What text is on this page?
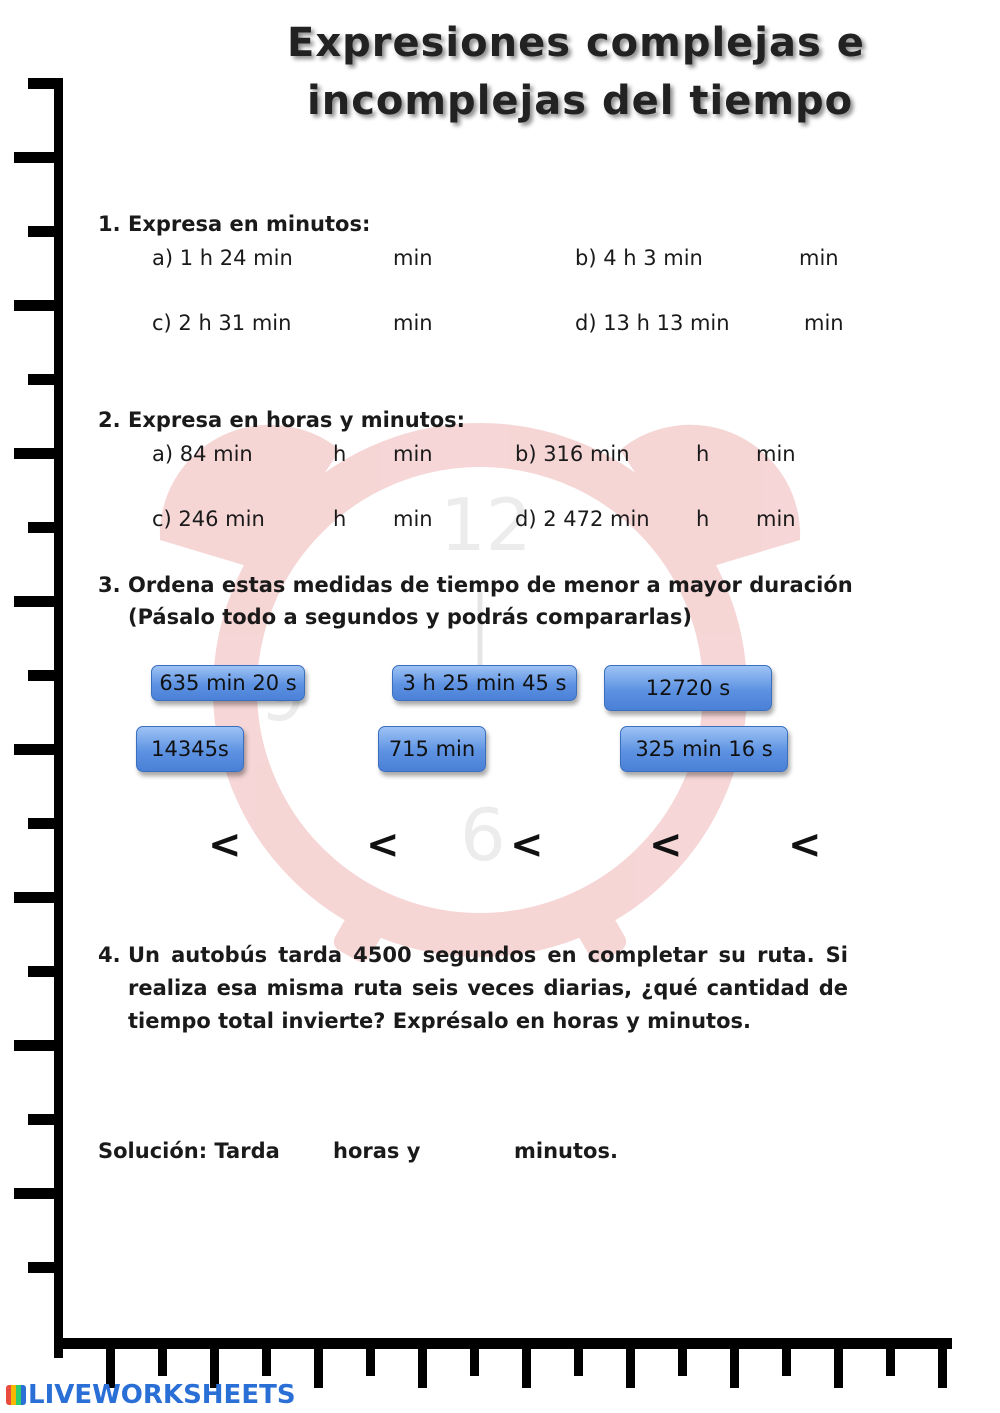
12
6
Expresiones complejas e
incomplejas del tiempo
1. Expresa en minutos:
a) 1 h 24 min	min	b) 4 h 3 min	min
c) 2 h 31 min	min	d) 13 h 13 min	min
2. Expresa en horas y minutos:
a) 84 min	h min	b) 316 min	h min
c) 246 min	h min	d) 2 472 min h min
3. Ordena estas medidas de tiempo de menor a mayor duración
(Pásalo todo a segundos y podrás compararlas)
635 min 20 s	3 h 25 min 45 s	12720 s
14345s	715 min	325 min 16 s
<	<	<	<	<
4. Un autobús tarda 4500 segundos en completar su ruta. Si
realiza esa misma ruta seis veces diarias, ¿qué cantidad de
tiempo total invierte? Exprésalo en horas y minutos.
Solución: Tarda	horas y	minutos.
LIVEWORKSHEETS
